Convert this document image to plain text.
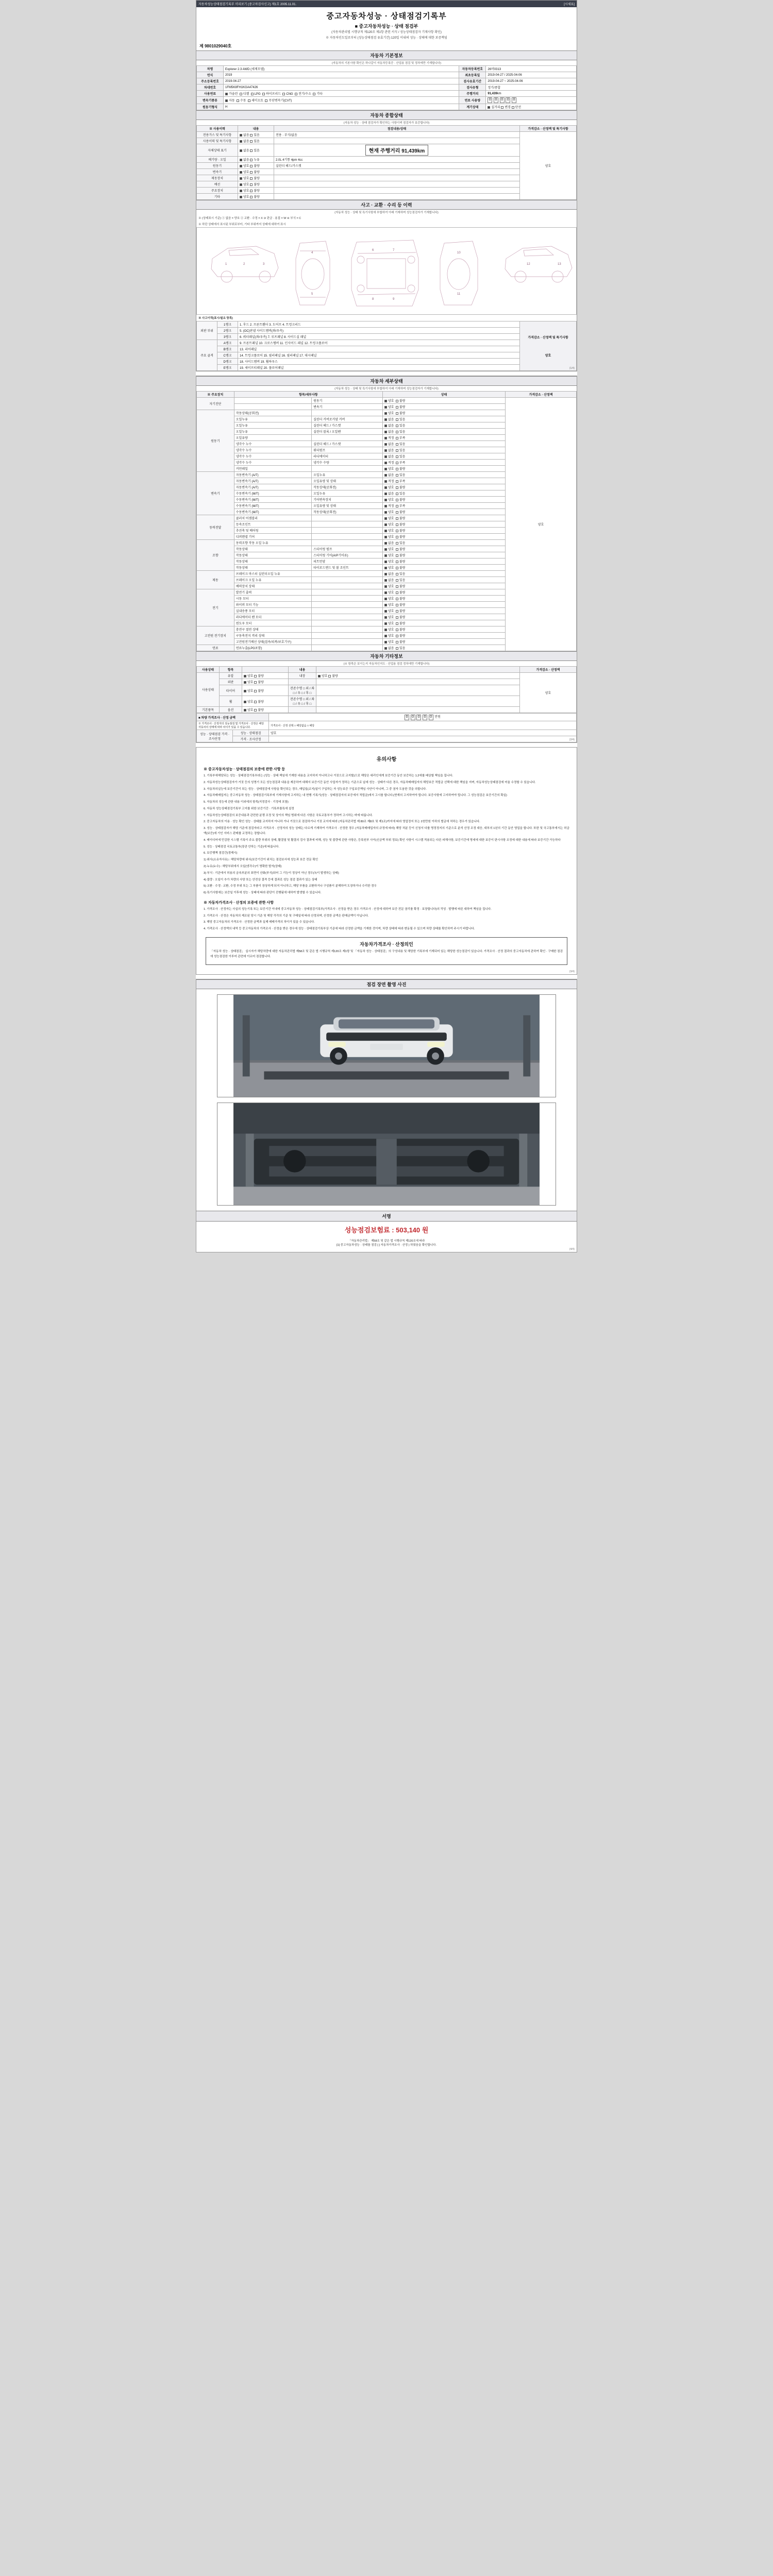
자동차성능상태점검기록부 미리보기 (중고차검사신고) 제1호 2005.11.01.	[시세표]
중고자동차성능 · 상태점검기록부
■ 중고자동차성능 · 상태 점검부
(자동차관리법 시행규칙 제120조 제1항 관련 서식 / 성능상태점검자 기재사항 확인)
※ 자동차인도일로부터 (성능상태점검 유효기간) 120일 이내의 성능 · 상태에 대한 보증책임
제 9801029040호
자동차 기본정보
(자동차의 기본사항 확인은 하나같이 자동차등록증 · 산업용 점검 및 정차에만 기재합니다)
차명	Explorer 2.3 AWD (세제모델)	자동차등록번호	26머0313
연식	2019	최초등록일	2019-04-27 / 2025-04-06
주소등록번호	2019-04-27	검사유효기간	2019-04-27 ~ 2025-04-06
차대번호	1FM5K8FH1KGA47426	검사유형	정기/종합
사용연료	가솔린 디젤 LPG 하이브리드 CNG 전기/수소 기타	주행거리	91,439km
변속기종류	자동 수동 세미오토 무단변속기(CVT)	연료 사용량	0 0 0 0 0
원동기형식	H	계기상태	실거리 변경 단선
자동차 종합상태
(자동차 성능 · 상태 점검자가 확인하는 사항이며 점검자가 보증합니다)
※ 사용이력	내용	점검내용/상태	가격감소 · 산정액 및 특기사항
전용가스 및 특기사항	없음 있음	전용 · 부식/없음	양호
사용이력 및 특기사항	없음 있음		
자체상태 표기	없음 있음	현재 주행거리 91,439km	
배기량 · 오일	없음 누유	2.0L 4기통 4pm 4cc	
원동기	양호 불량	실린더 헤드/가스켓	
변속기	양호 불량		
제동장치	양호 불량		
배선	양호 불량		
주요장치	양호 불량		
기타	양호 불량		
사고 · 교환 · 수리 등 이력
(자동차 성능 · 상태 및 특기사항에 부합하여 아래 기재하며 성능점검자가 기재합니다)
※ (상태표시 기준) ① 없음 = 양호 ② 교환 · 수정 = X ③ 판금 · 용접 = W ④ 부식 = C
※ 하단 상태에서 표시된 부위로부터, 기타 부위까지 상태에 대하여 표시
1	2	3
4
5
6	7
8	9
10
11
12	13
※ 사고이력(표시/필요 항목)
외판 부위	1랭크	1. 후드 2. 프론트휀더 3. 도어프 4. 트렁크리드	가격감소 · 산정액 및 특기사항
양호

	2랭크	5. (OC)판넬 사이드멤버(좌/우측)	
	3랭크	6. 쿼터패널(좌/우측) 7. 루프패널 8. 사이드실 패널	
주요 골격	A랭크	9. 프론트패널 10. 크로스멤버 11. 인사이드 패널 12. 트렁크플로어	
	B랭크	13. 리어패널	
	C랭크	14. 트렁크플로어 15. 필러패널 16. 필러패널 17. 대시패널	
	D랭크	18. 사이드멤버 19. 휠하우스	
	E랭크	19. 세이프티패널 20. 플로어패널		(1/4)
자동차 세부상태
(자동차 성능 · 상태 및 특기사항에 부합하여 아래 기재하며 성능점검자가 기재합니다)
※ 주요장치	항목/세부사항		상태	가격감소 · 산정액
자기진단		원동기	양호 불량	양호
		변속기	양호 불량	
원동기	작동상태(공회전)		양호 불량	
	오일누유	실린더 커버로커암 커버	없음 있음	
	오일누유	실린더 헤드 / 가스켓	없음 있음	
	오일누유	실린더 블록 / 오일팬	없음 있음	
	오일유량		적정 부족	
	냉각수 누수	실린더 헤드 / 가스켓	없음 있음	
	냉각수 누수	워터펌프	없음 있음	
	냉각수 누수	라디에이터	없음 있음	
	냉각수 누수	냉각수 수량	적정 부족	
	커먼레일		양호 불량	
변속기	자동변속기 (A/T)	오일누유	없음 있음	
	자동변속기 (A/T)	오일유량 및 상태	적정 부족	
	자동변속기 (A/T)	작동상태(공회전)	양호 불량	
	수동변속기 (M/T)	오일누유	없음 있음	
	수동변속기 (M/T)	기어변속장치	양호 불량	
	수동변속기 (M/T)	오일유량 및 상태	적정 부족	
	수동변속기 (M/T)	작동상태(공회전)	양호 불량	
동력전달	클러치 어셈블리		양호 불량	
	등속조인트		양호 불량	
	추진축 및 베어링		양호 불량	
	디퍼렌셜 기어		양호 불량	
조향	동력조향 작동 오일 누유		없음 있음	
	작동상태	스티어링 펌프	양호 불량	
	작동상태	스티어링 기어(A/P기어류)	양호 불량	
	작동상태	피트먼암	양호 불량	
	작동상태	타이로드엔드 및 볼 조인트	양호 불량	
제동	브레이크 마스터 실린더오일 누유		없음 있음	
	브레이크 오일 누유		없음 있음	
	배력장치 상태		양호 불량	
전기	발전기 출력		양호 불량	
	시동 모터		양호 불량	
	와이퍼 모터 기능		양호 불량	
	실내송풍 모터		양호 불량	
	라디에이터 팬 모터		양호 불량	
	윈도우 모터		양호 불량	
고전원 전기장치	충전구 절연 상태		양호 불량	
	구동축전지 격리 상태		양호 불량	
	고전원전기배선 상태(접속/피복/보호기구)		양호 불량	
연료	연료누출(LPG포함)		없음 있음	
자동차 기타정보
(※ 항목은 보이는지 자동차인지도 · 산업용 점검 정차에만 기재합니다)
사용상태	항목		내용		가격감소 · 산정액
사용상태	유압	양호 불량	내장	양호 불량	양호
	외판	양호 불량			
	타이어	양호 불량	잔존수명 □ 외 / 좌 □ / 우 □ / 후 □		
	휠	양호 불량	잔존수명 □ 외 / 좌 □ / 우 □ / 후 □		
기본품목	옵션	양호 불량			
■ 차량 가격조사 · 산정 금액		0 0 0 0 0 만원
※ 가격조사 · 산정자의 성능점검 및 가격조사 · 산정은 해당 자동차의 상태에 따라 차이가 있을 수 있습니다.		가격조사 · 산정 선택 □ 해당없음 □ 해당
성능 · 상태점검 가격 · 조사산정	성능 · 상태점검	양호
	가격 · 조사산정		(2/4)
유의사항
※ 중고자동차성능 · 상태점검의 보증에 관한 사항 등

1. 기록부에해당되는 성능 · 상태점검기록부라는 (성능 · 상태 책임에 기재한 내용을 교지하지 아니하고나 거짓으로 교지할)으로 해당은 대리인에게 보증기간 동안 보증하는 1.2에를 배상할 책임을 집니다.

2. 자동차성능상태점검자가 거짓 등의 성명기 모든 성능점검과 내용을 제공하여 대해서 보증기간 동안 사업자가 정하는 기준으로 납세 성능 · 상태가 다른 경우, 자동차매매업자의 해당보증 적립금 선택에 대한 책임을 지며, 자동차성능상태점검에 어울 수정할 수 있습니다.

3. 자동차의실능에 보증기간이 되는 성능 · 상태점검에 사항을 확인되는 경우, 매입일(교지)일이 구입하는 자 성능보증 구입보증책임 사안이 아니며, 그 중 권자 도움한 것을 의합니다.

4. 자동차매매업자는 중고자동차 성능 · 상태점검기록부에 기재사항에 고지하는 내 현행 기록기(성능 · 상태점검자의 보증에서 적립금)에서 고시를 합니다.(현재의 고지하여야 립니다. 보증사항에 고지하여야 립니다. 그 성능점검은 보증기간의 확실)

5. 자동차의 성능에 관한 내용 이외에의 항목(지정검사 · 기정에 포함)

6. 자동차 성능상태점검기록부 고지를 위한 보증기간 · 기록부를특에 설정

7. 자동차성능상태점검의 보증내용과 관련한 분쟁 조정 및 상이의 책임 범위에 다른 사항은 국토교통부가 정하여 고시하는 바에 따릅니다.

2. 중고자동차의 이용 · 성능 확인 성능 · 상태를 교지하지 아니하 거나 거짓으로 점검하거나 거짓 교지에 따라 (자동차관리법 제 80조 제8호 및 제1조)까지에 따라 영업정지 또는 2천만원 이하의 벌금에 처하는 경우가 있습니다.

3. 성능 · 상태점검자가 해당 기준에 점검자라고 가격조사 · 산정자의 성능 상태는 다르게 기재하여 가격조사 · 산정한 경우 (자동차매매업자의 규정에 따라) 해당 처분 등이 신청서 다를 명정정지의 기준으로 분석 산정 조정 대응, 대부의 1년의 기간 동안 영업을 합니다. 또한 및 국고통부에서는 허금액(보증)에 기인 서비스 판매를 교정하는 장합니다.

4. 레이디어에 민감한 시스템 기록이 주요 불량 부위의 상태, 활결열 및 활결의 검사 결과에 비해, 성능 및 불량에 관한 사항은, 등록원부 사이(신금액 부위 정보) 확인 사항이 시스템 적용되는 다른 피해사항, 보증기간에 명세에 대한 보증이 판시사항 조정에 대한 내용에 따라 보증기간 가능하다

5. 성능 · 상태점검 국토교통부(장관 안하는 기준)에 따릅니다.

6. 보증행책 점검간(경제시)

1) 위사(소유자사유) : 해당차량에 위사(보증기간이 위치는 점검보서에 성능과 보증 전문 확인

2) 누유(누수) : 해당부위에서 오일(냉각수)이 명확한 발자(상태)

3) 부식 : 기관에서 허용의 금속부분의 표면이 산화(부식)되어 그 기능이 정상이 아닌 경우(녹이 발생하는 상태)

4) 불량 : 오일이 추가 차량의 사양 또는 안전상 결격 등에 결과로 성능 점검 결과가 있는 상태

5) 교환 · 수정 : 교환, 수정 부위 또는 그 부품이 장상하게 되지 아니하고, 해당 부품을 교환하거나 구성품이 분해하여 도장하거나 수리한 경우

6) 특기사항에는 보증일 이후에 성능 · 상태에 따라 판단이 진행됨에 대하여 발생할 수 있습니다.

※ 자동차가격조사 · 산정의 보증에 관한 사항

1. 가격조사 · 산정자는 사실의 성능기록 또는 보증기간 이내에 중고자동차 성능 · 상태점검기록부(가격조사 · 산정을 받은 경우 가격조사 · 산정에 대하여 보증 전문 권리를 확정 · 보장합니다)의 작성 · 발행에 따른 대하여 책임을 집니다.

2. 가격조사 · 산정은 자동차의 제조된 당시 기준 및 해당 각각의 기준 및 구매일에 따라 산정되며, 산정한 금액은 판매금액이 아닙니다.

3. 해당 중고자동차의 가격조사 · 산정한 금액과 실제 매매가격의 차이가 있을 수 있습니다.

4. 가격조사 · 산정액의 내역 등 중고자동차의 가격조사 · 산정을 받은 경우에 성능 · 상태점검기록부상 기준에 따라 산정한 금액을 기재한 것이며, 차량 상태에 따라 변동될 수 있으며 차량 상태를 확인하여 주시기 바랍니다.

자동차가격조사 · 산정의인
「자동차 성능 · 상태점검」 실시자가 해당차량에 대한 자동차관리법 제58조 및 같은 법 시행규칙 제120조 제1항 및 「자동차 성능 · 상태점검」의 구성내용 및 해당한 기록부에 기재되어 있는 해당한 성능점검이 있습니다. 가격조사 · 산정 결과의 중고자동차에 관하여 확인 · 구매한 점검에 성능점검한 이루어 관련에 이르어 점검합니다.
(3/4)
점검 장면 촬영 사진
서명
성능점검보험료 : 503,140 원
「자동차관리법」 제58조 및 같은 법 시행규칙 제120조에 따라
[1] 중고자동차성능 · 상태를 점검 [ ] 자동차가격조사 · 산정 ) 하였음을 확인합니다.
(4/4)
